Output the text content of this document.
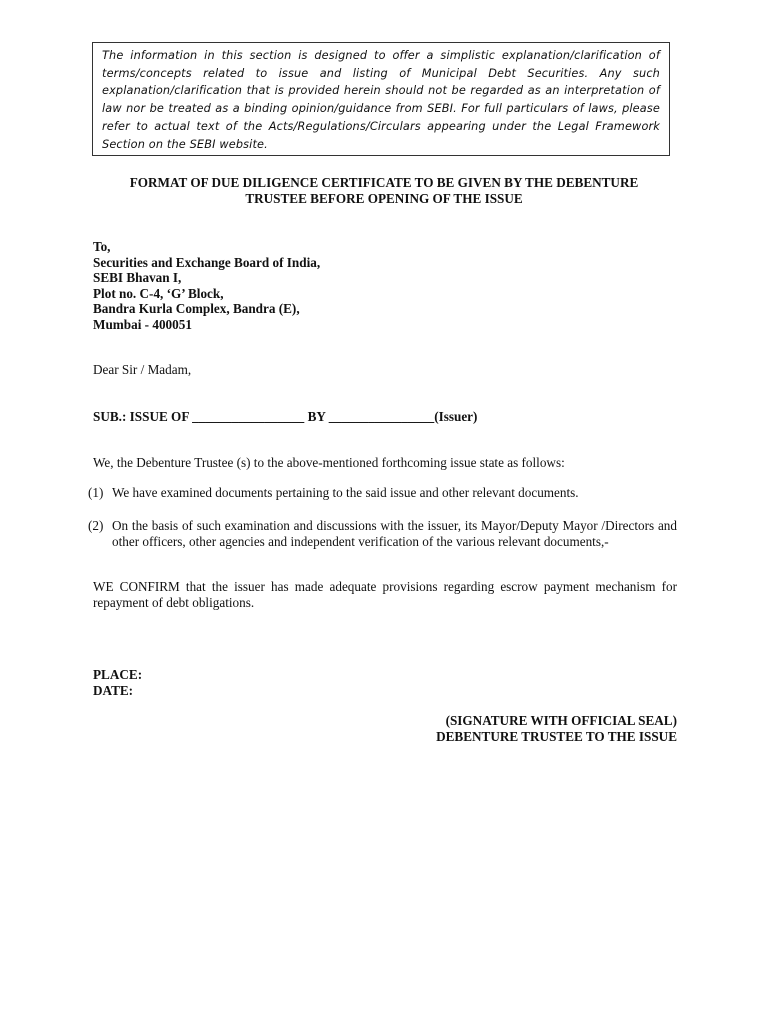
The information in this section is designed to offer a simplistic explanation/clarification of terms/concepts related to issue and listing of Municipal Debt Securities. Any such explanation/clarification that is provided herein should not be regarded as an interpretation of law nor be treated as a binding opinion/guidance from SEBI. For full particulars of laws, please refer to actual text of the Acts/Regulations/Circulars appearing under the Legal Framework Section on the SEBI website.
FORMAT OF DUE DILIGENCE CERTIFICATE TO BE GIVEN BY THE DEBENTURE
TRUSTEE BEFORE OPENING OF THE ISSUE
To,
Securities and Exchange Board of India,
SEBI Bhavan I,
Plot no. C-4, ‘G’ Block,
Bandra Kurla Complex, Bandra (E),
Mumbai - 400051
Dear Sir / Madam,
SUB.: ISSUE OF _________________ BY ________________(Issuer)
We, the Debenture Trustee (s) to the above-mentioned forthcoming issue state as follows:
(1) We have examined documents pertaining to the said issue and other relevant documents.
(2) On the basis of such examination and discussions with the issuer, its Mayor/Deputy Mayor /Directors and other officers, other agencies and independent verification of the various relevant documents,-
WE CONFIRM that the issuer has made adequate provisions regarding escrow payment mechanism for repayment of debt obligations.
PLACE:
DATE:
(SIGNATURE WITH OFFICIAL SEAL)
DEBENTURE TRUSTEE TO THE ISSUE
